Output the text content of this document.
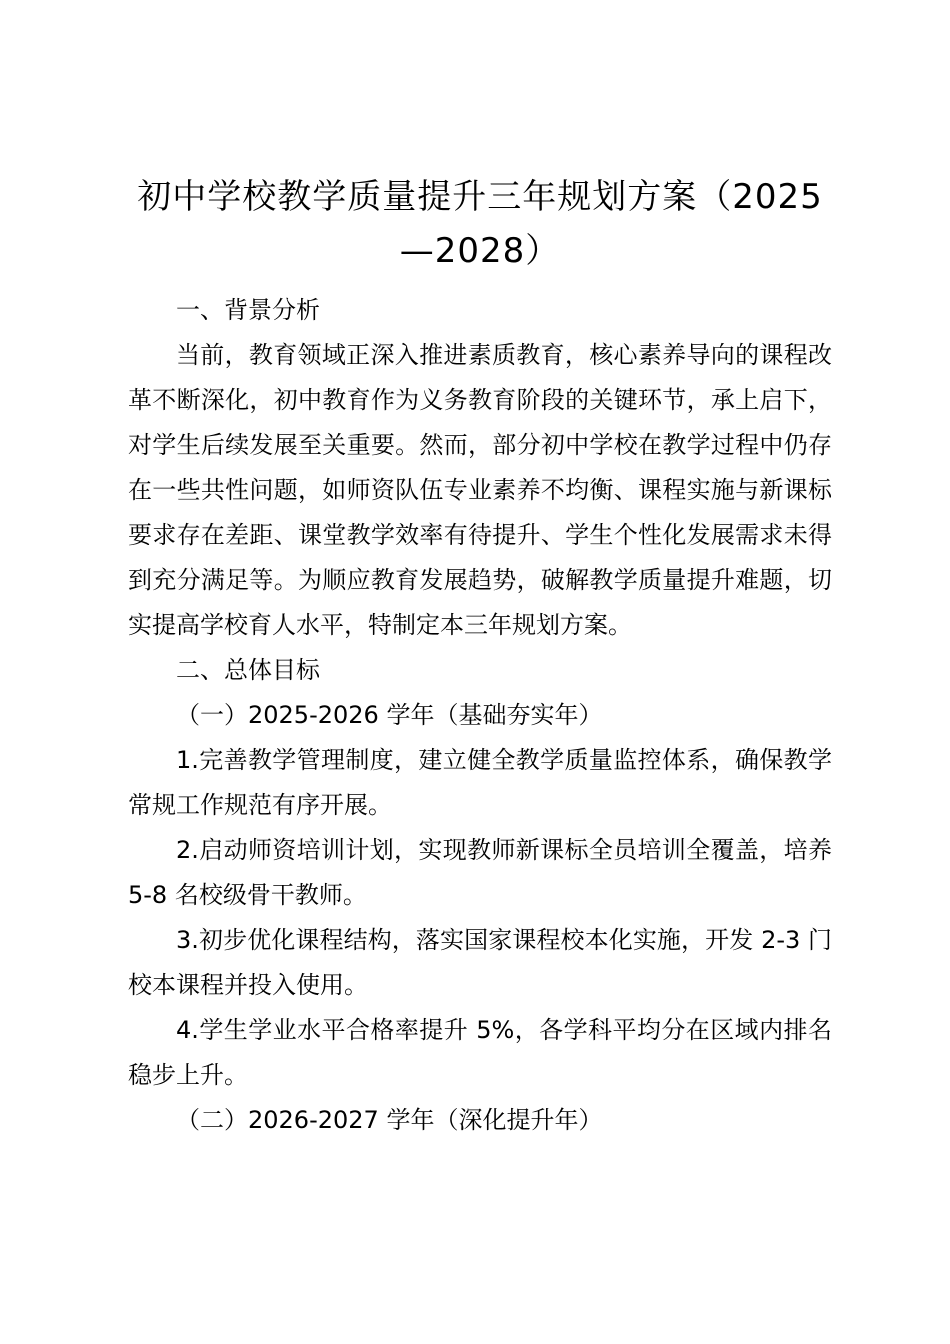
初中学校教学质量提升三年规划方案（2025—2028）

一、背景分析

当前，教育领域正深入推进素质教育，核心素养导向的课程改革不断深化，初中教育作为义务教育阶段的关键环节，承上启下，对学生后续发展至关重要。然而，部分初中学校在教学过程中仍存在一些共性问题，如师资队伍专业素养不均衡、课程实施与新课标要求存在差距、课堂教学效率有待提升、学生个性化发展需求未得到充分满足等。为顺应教育发展趋势，破解教学质量提升难题，切实提高学校育人水平，特制定本三年规划方案。

二、总体目标

（一）2025-2026 学年（基础夯实年）

1.完善教学管理制度，建立健全教学质量监控体系，确保教学常规工作规范有序开展。

2.启动师资培训计划，实现教师新课标全员培训全覆盖，培养 5-8 名校级骨干教师。

3.初步优化课程结构，落实国家课程校本化实施，开发 2-3 门校本课程并投入使用。

4.学生学业水平合格率提升 5%，各学科平均分在区域内排名稳步上升。

（二）2026-2027 学年（深化提升年）
